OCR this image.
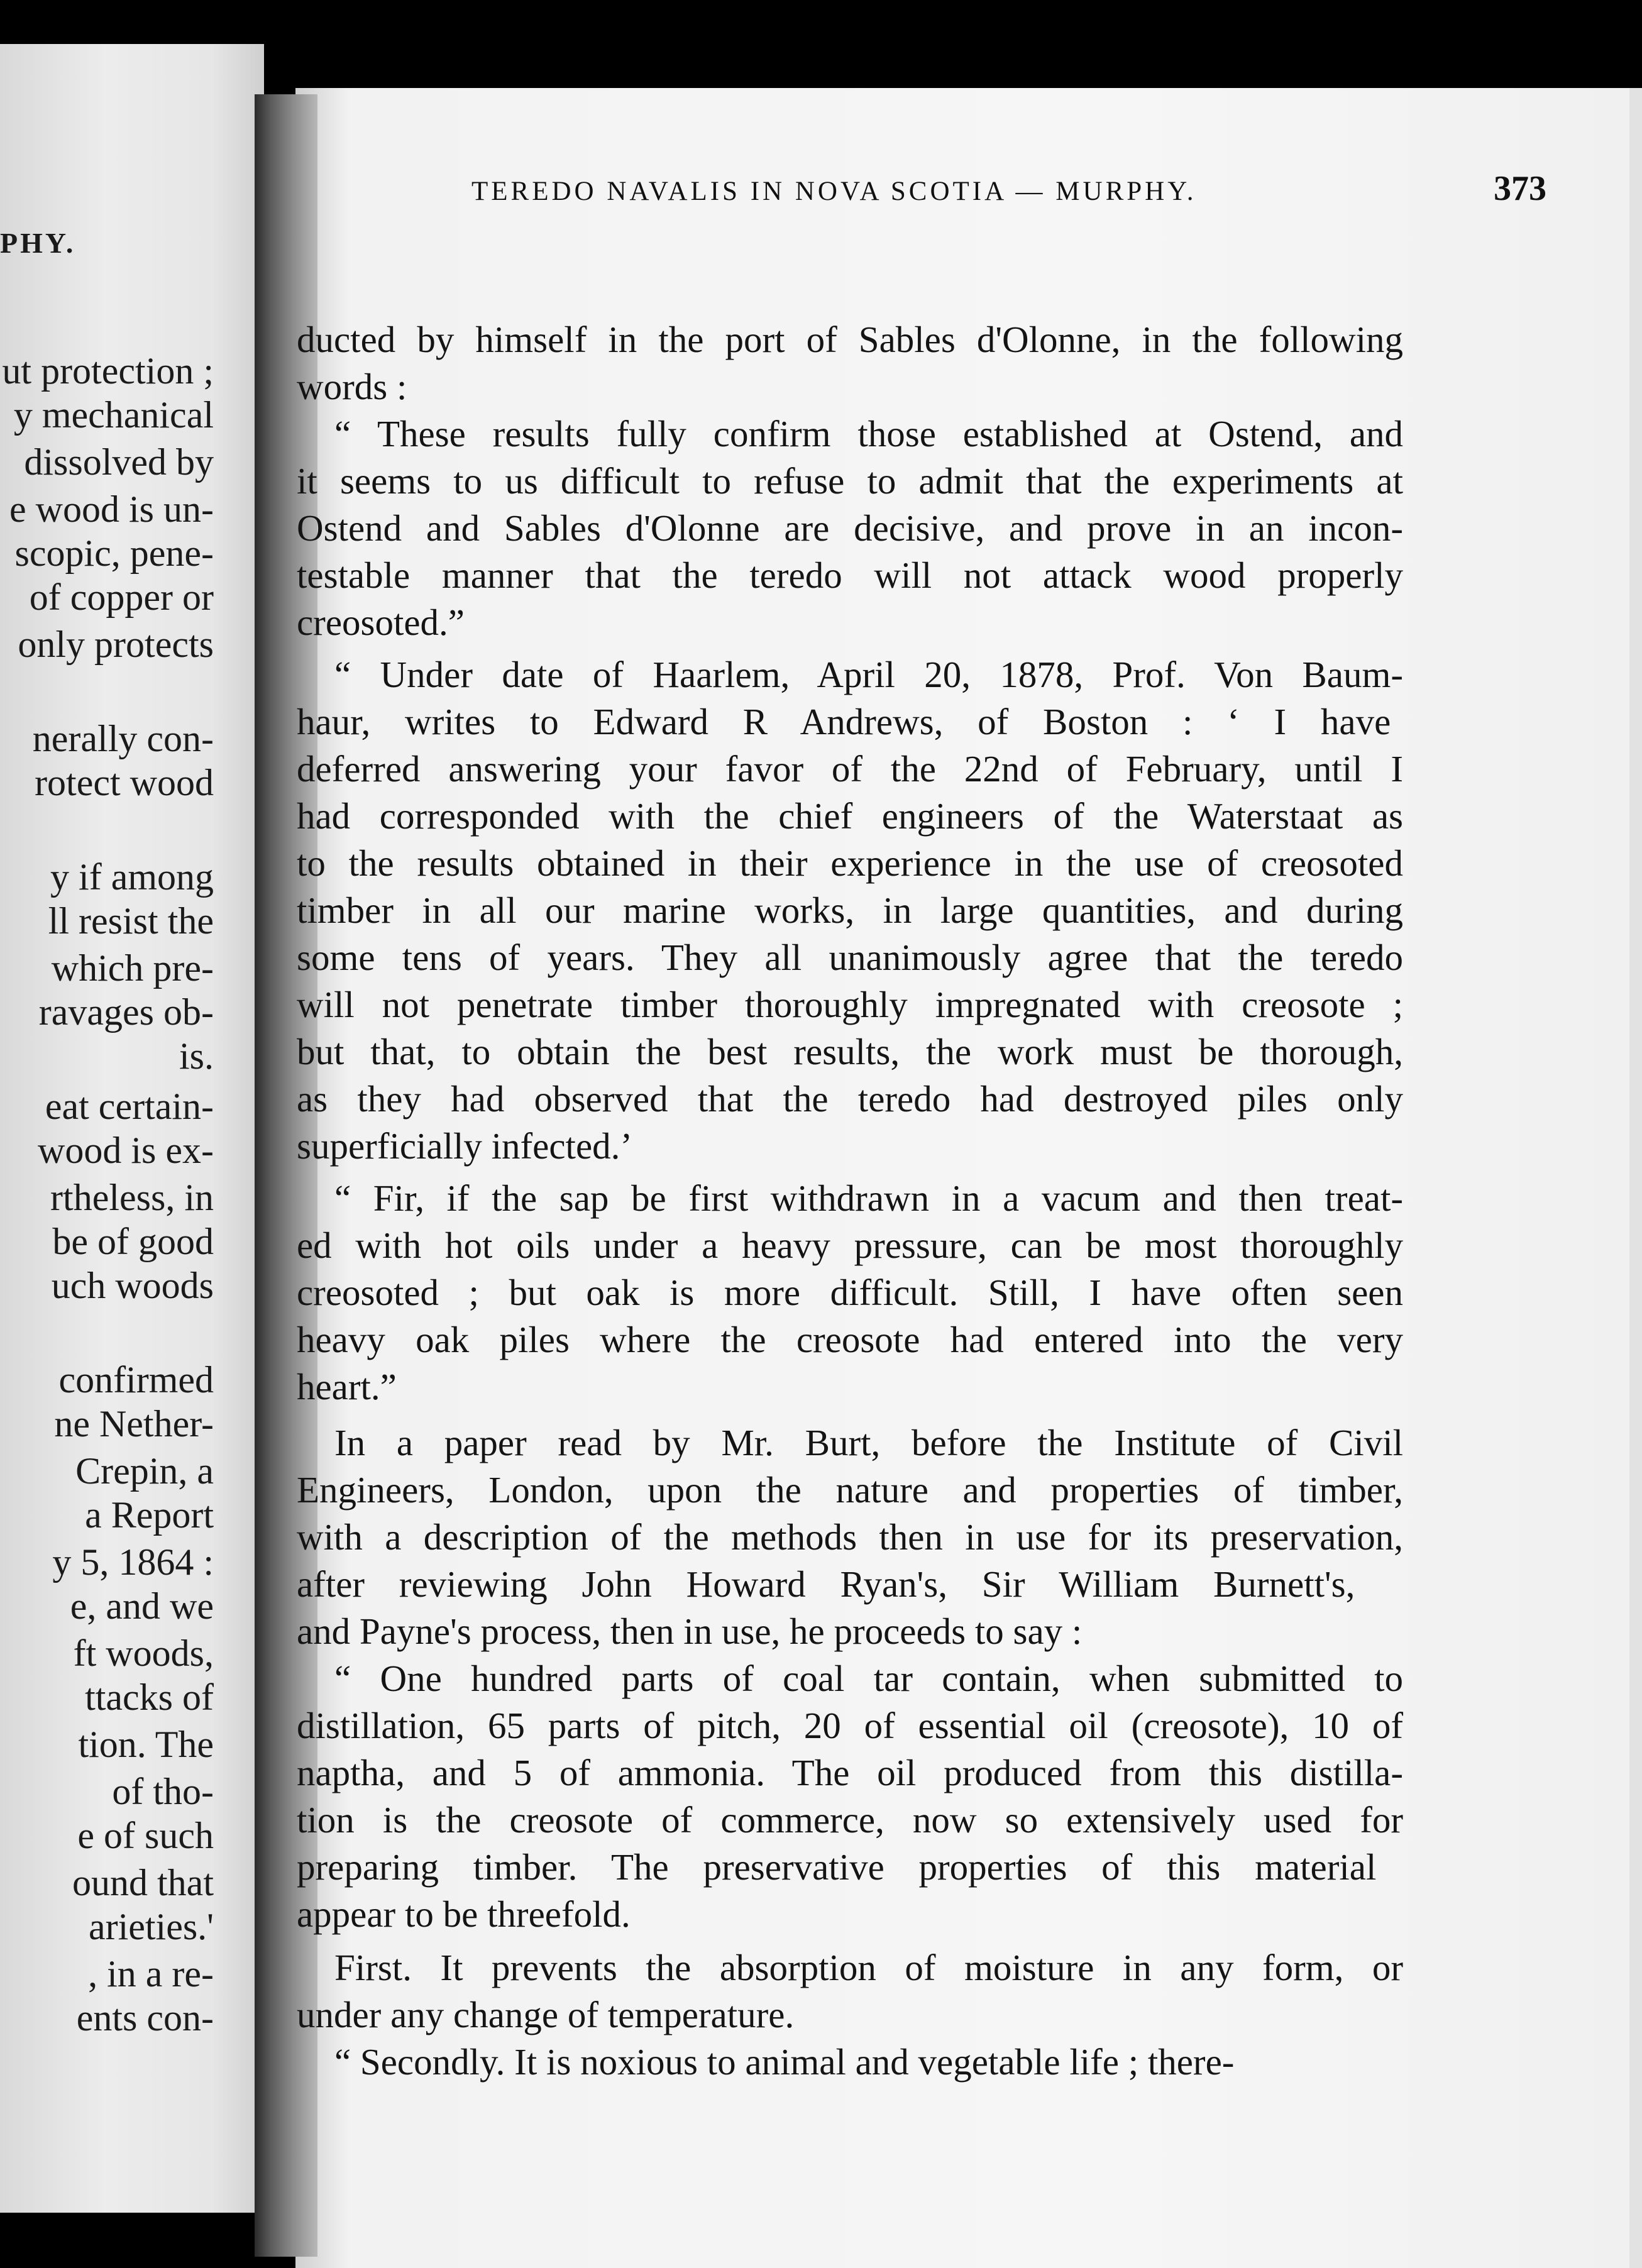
PHY.
ut protection ;
y mechanical
dissolved by
e wood is un-
scopic, pene-
of copper or
only protects
nerally con-
rotect wood
y if among
ll resist the
which pre-
ravages ob-
is.
eat certain-
wood is ex-
rtheless, in
be of good
uch woods
confirmed
ne Nether-
Crepin, a
a Report
y 5, 1864 :
e, and we
ft woods,
ttacks of
tion. The
of tho-
e of such
ound that
arieties.'
, in a re-
ents con-
TEREDO NAVALIS IN NOVA SCOTIA — MURPHY.	373
ducted by himself in the port of Sables d'Olonne, in the following
words :
“ These results fully confirm those established at Ostend, and
it seems to us difficult to refuse to admit that the experiments at
Ostend and Sables d'Olonne are decisive, and prove in an incon-
testable manner that the teredo will not attack wood properly
creosoted.”
“ Under date of Haarlem, April 20, 1878, Prof. Von Baum-
haur, writes to Edward R Andrews, of Boston : ‘ I have
deferred answering your favor of the 22nd of February, until I
had corresponded with the chief engineers of the Waterstaat as
to the results obtained in their experience in the use of creosoted
timber in all our marine works, in large quantities, and during
some tens of years. They all unanimously agree that the teredo
will not penetrate timber thoroughly impregnated with creosote ;
but that, to obtain the best results, the work must be thorough,
as they had observed that the teredo had destroyed piles only
superficially infected.’
“ Fir, if the sap be first withdrawn in a vacum and then treat-
ed with hot oils under a heavy pressure, can be most thoroughly
creosoted ; but oak is more difficult. Still, I have often seen
heavy oak piles where the creosote had entered into the very
heart.”
In a paper read by Mr. Burt, before the Institute of Civil
Engineers, London, upon the nature and properties of timber,
with a description of the methods then in use for its preservation,
after reviewing John Howard Ryan's, Sir William Burnett's,
and Payne's process, then in use, he proceeds to say :
“ One hundred parts of coal tar contain, when submitted to
distillation, 65 parts of pitch, 20 of essential oil (creosote), 10 of
naptha, and 5 of ammonia. The oil produced from this distilla-
tion is the creosote of commerce, now so extensively used for
preparing timber. The preservative properties of this material
appear to be threefold.
First. It prevents the absorption of moisture in any form, or
under any change of temperature.
“ Secondly. It is noxious to animal and vegetable life ; there-
